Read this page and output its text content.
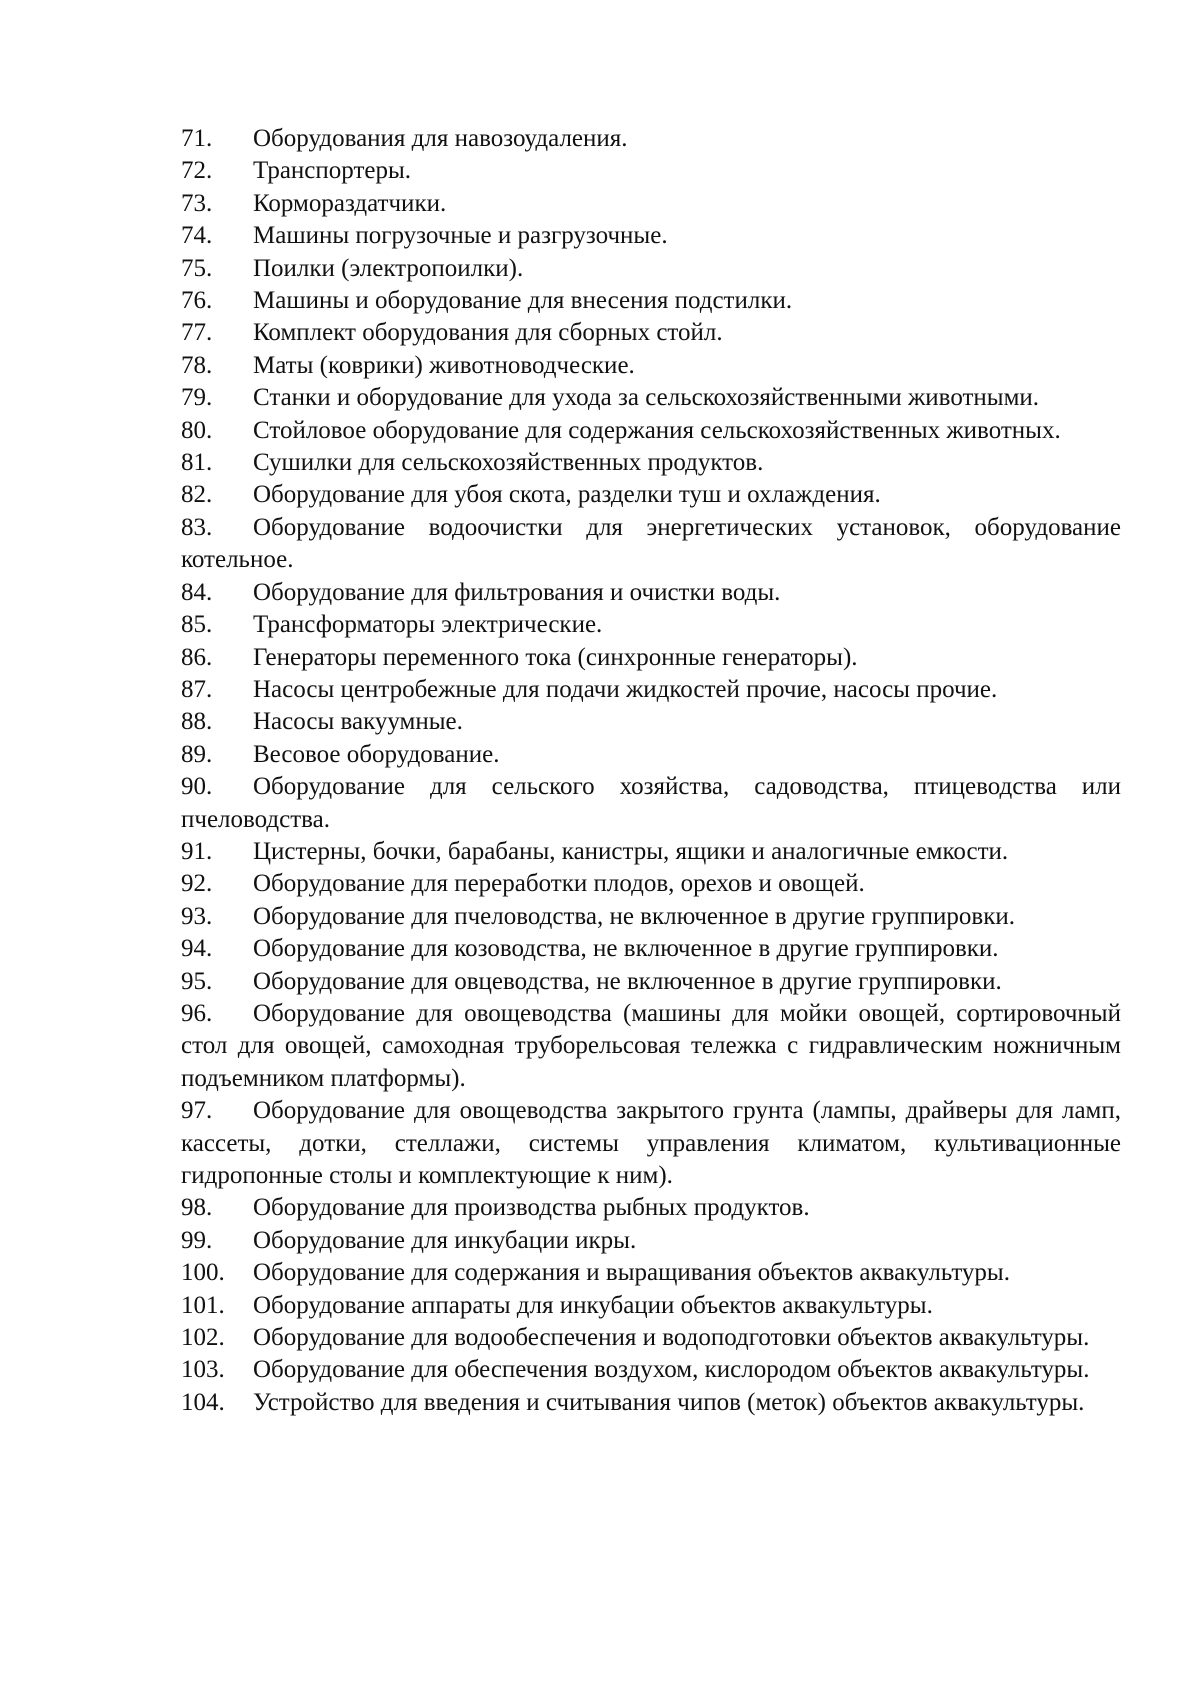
71. Оборудования для навозоудаления.
72. Транспортеры.
73. Кормораздатчики.
74. Машины погрузочные и разгрузочные.
75. Поилки (электропоилки).
76. Машины и оборудование для внесения подстилки.
77. Комплект оборудования для сборных стойл.
78. Маты (коврики) животноводческие.
79. Станки и оборудование для ухода за сельскохозяйственными животными.
80. Стойловое оборудование для содержания сельскохозяйственных животных.
81. Сушилки для сельскохозяйственных продуктов.
82. Оборудование для убоя скота, разделки туш и охлаждения.
83. Оборудование водоочистки для энергетических установок, оборудование котельное.
84. Оборудование для фильтрования и очистки воды.
85. Трансформаторы электрические.
86. Генераторы переменного тока (синхронные генераторы).
87. Насосы центробежные для подачи жидкостей прочие, насосы прочие.
88. Насосы вакуумные.
89. Весовое оборудование.
90. Оборудование для сельского хозяйства, садоводства, птицеводства или пчеловодства.
91. Цистерны, бочки, барабаны, канистры, ящики и аналогичные емкости.
92. Оборудование для переработки плодов, орехов и овощей.
93. Оборудование для пчеловодства, не включенное в другие группировки.
94. Оборудование для козоводства, не включенное в другие группировки.
95. Оборудование для овцеводства, не включенное в другие группировки.
96. Оборудование для овощеводства (машины для мойки овощей, сортировочный стол для овощей, самоходная трубоpельсовая тележка с гидравлическим ножничным подъемником платформы).
97. Оборудование для овощеводства закрытого грунта (лампы, драйверы для ламп, кассеты, дотки, стеллажи, системы управления климатом, культивационные гидропонные столы и комплектующие к ним).
98. Оборудование для производства рыбных продуктов.
99. Оборудование для инкубации икры.
100. Оборудование для содержания и выращивания объектов аквакультуры.
101. Оборудование аппараты для инкубации объектов аквакультуры.
102. Оборудование для водообеспечения и водоподготовки объектов аквакультуры.
103. Оборудование для обеспечения воздухом, кислородом объектов аквакультуры.
104. Устройство для введения и считывания чипов (меток) объектов аквакультуры.
